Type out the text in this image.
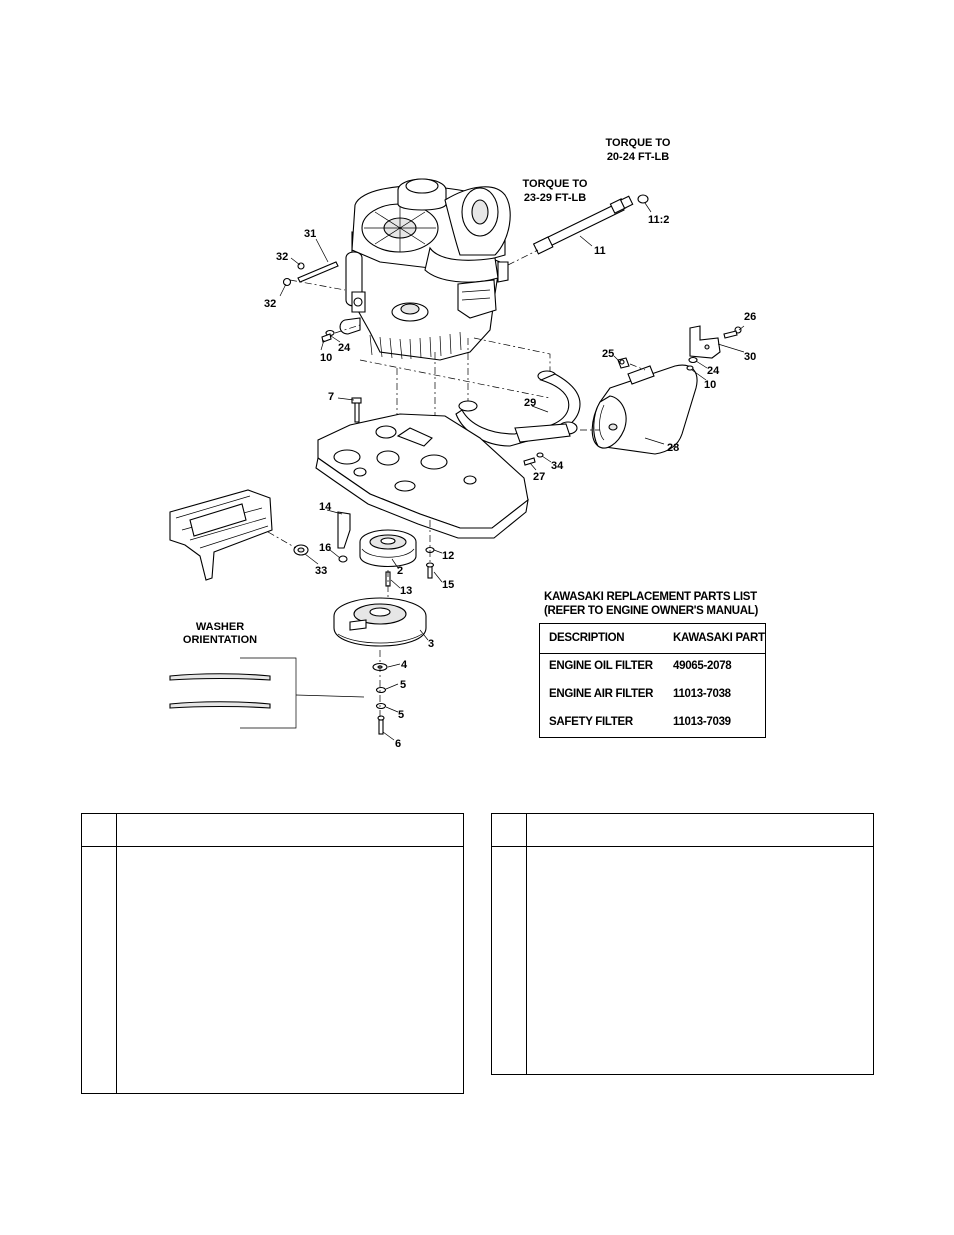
TORQUE TO
20-24 FT-LB
TORQUE TO
23-29 FT-LB
31
32
32
10
24
11
11:2
26
30
25
24
10
7	29
28
34
27
14
16
33
12
2
13	15
3
4
5
5
6
WASHER
ORIENTATION
KAWASAKI REPLACEMENT PARTS LIST
(REFER TO ENGINE OWNER'S MANUAL)
DESCRIPTION	KAWASAKI PART
ENGINE OIL FILTER 49065-2078
ENGINE AIR FILTER 11013-7038
SAFETY FILTER	11013-7039
